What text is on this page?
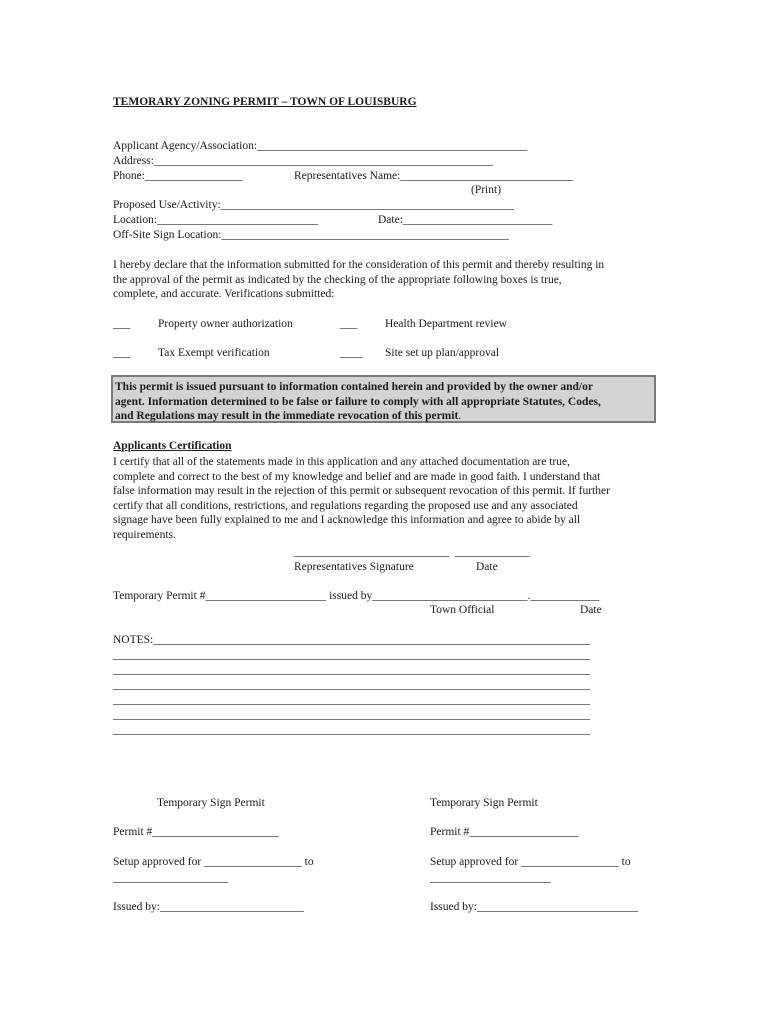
TEMORARY ZONING PERMIT – TOWN OF LOUISBURG
Applicant Agency/Association:_______________________________________________
Address:___________________________________________________________
Phone:_________________	Representatives Name:______________________________
(Print)
Proposed Use/Activity:___________________________________________________
Location:____________________________	Date:__________________________
Off-Site Sign Location:__________________________________________________
I hereby declare that the information submitted for the consideration of this permit and thereby resulting in
the approval of the permit as indicated by the checking of the appropriate following boxes is true,
complete, and accurate. Verifications submitted:
___ Property owner authorization	___ Health Department review
___ Tax Exempt verification	____ Site set up plan/approval
This permit is issued pursuant to information contained herein and provided by the owner and/or
agent. Information determined to be false or failure to comply with all appropriate Statutes, Codes,
and Regulations may result in the immediate revocation of this permit.
Applicants Certification
I certify that all of the statements made in this application and any attached documentation are true,
complete and correct to the best of my knowledge and belief and are made in good faith. I understand that
false information may result in the rejection of this permit or subsequent revocation of this permit. If further
certify that all conditions, restrictions, and regulations regarding the proposed use and any associated
signage have been fully explained to me and I acknowledge this information and agree to abide by all
requirements.
___________________________  _____________
Representatives Signature	Date
Temporary Permit #_____________________ issued by___________________________.____________
Town Official	Date
NOTES:____________________________________________________________________________
___________________________________________________________________________________
___________________________________________________________________________________
___________________________________________________________________________________
___________________________________________________________________________________
___________________________________________________________________________________
___________________________________________________________________________________
Temporary Sign Permit
Permit #______________________
Setup approved for _________________ to
____________________
Issued by:_________________________
Temporary Sign Permit
Permit #___________________
Setup approved for _________________ to
_____________________
Issued by:____________________________
